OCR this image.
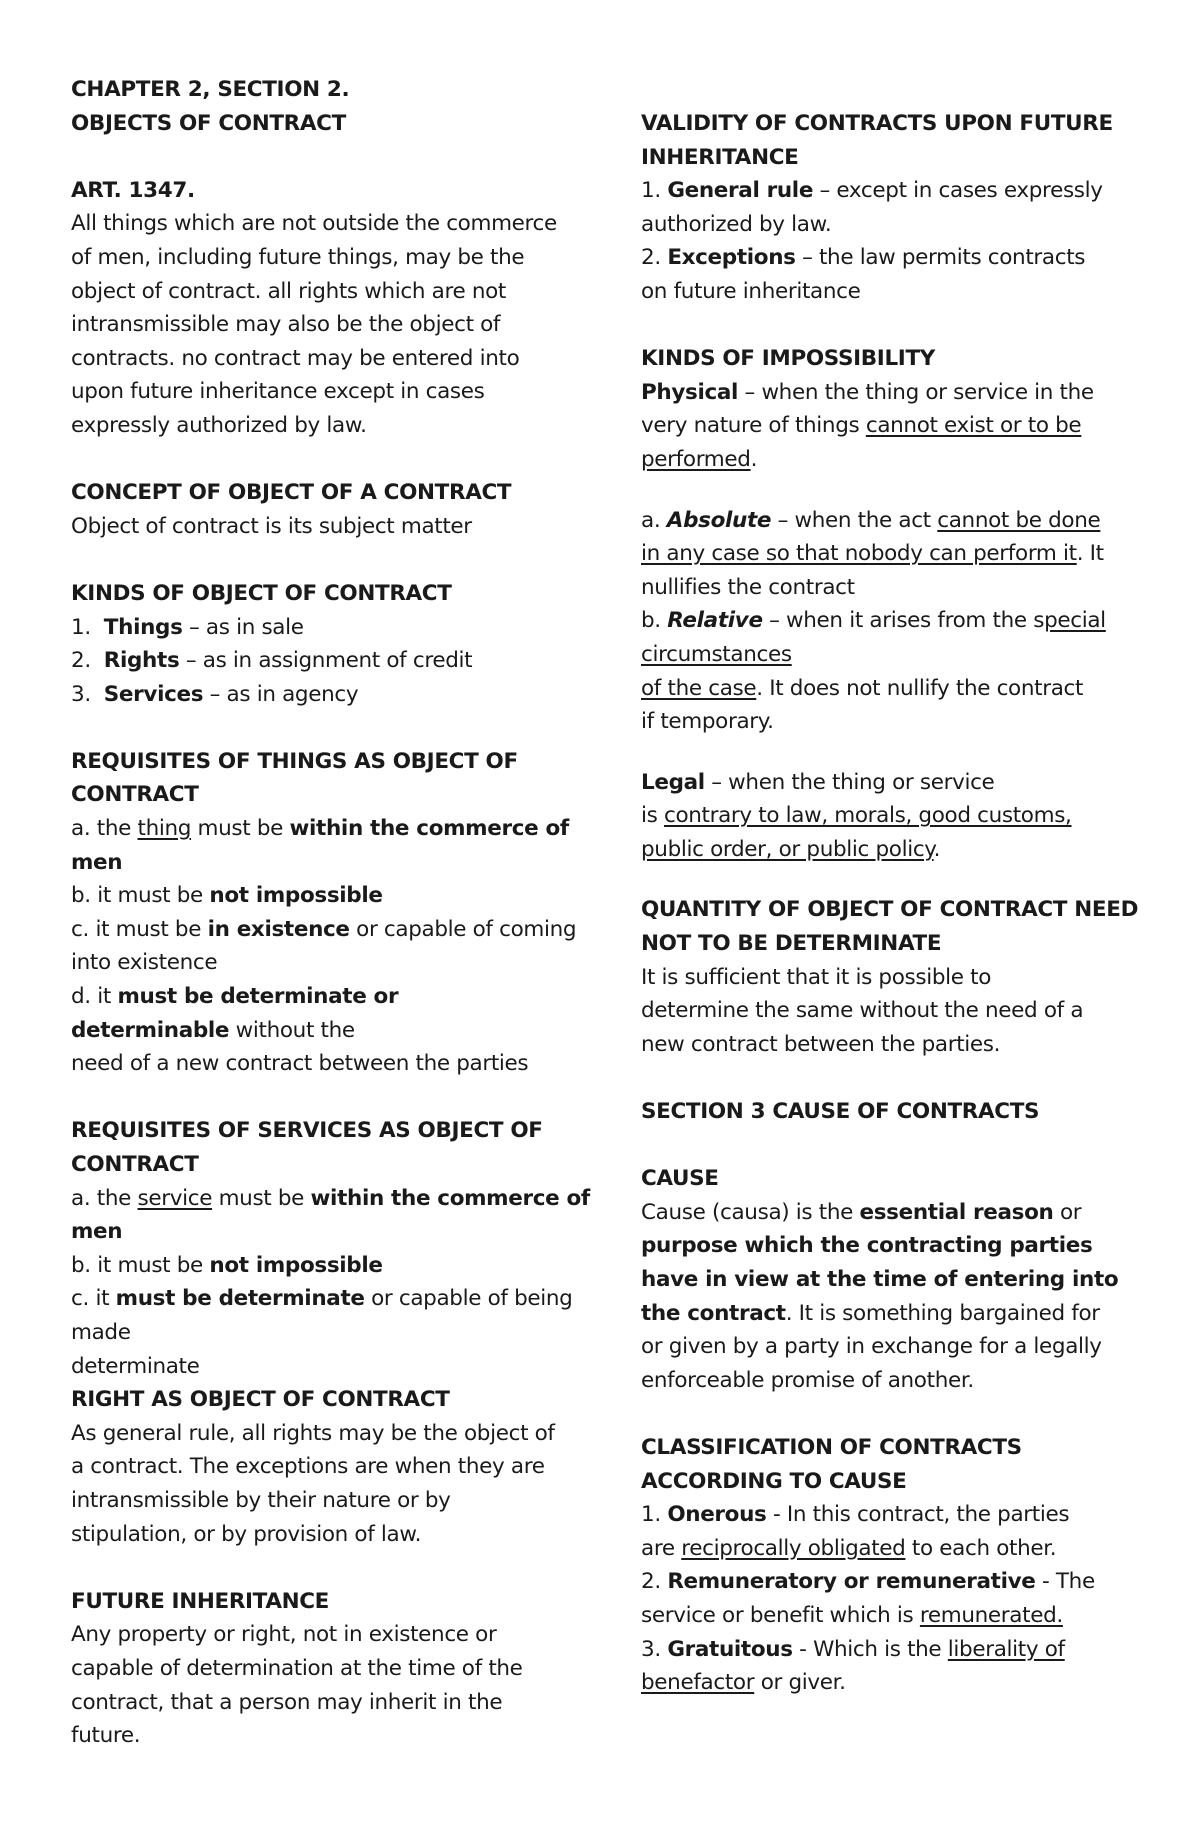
CHAPTER 2, SECTION 2.
OBJECTS OF CONTRACT
ART. 1347.
All things which are not outside the commerce
of men, including future things, may be the
object of contract. all rights which are not
intransmissible may also be the object of
contracts. no contract may be entered into
upon future inheritance except in cases
expressly authorized by law.
CONCEPT OF OBJECT OF A CONTRACT
Object of contract is its subject matter
KINDS OF OBJECT OF CONTRACT
1. Things – as in sale
2. Rights – as in assignment of credit
3. Services – as in agency
REQUISITES OF THINGS AS OBJECT OF
CONTRACT
a. the thing must be within the commerce of
men
b. it must be not impossible
c. it must be in existence or capable of coming
into existence
d. it must be determinate or
determinable without the
need of a new contract between the parties
REQUISITES OF SERVICES AS OBJECT OF
CONTRACT
a. the service must be within the commerce of
men
b. it must be not impossible
c. it must be determinate or capable of being
made
determinate
RIGHT AS OBJECT OF CONTRACT
As general rule, all rights may be the object of
a contract. The exceptions are when they are
intransmissible by their nature or by
stipulation, or by provision of law.
FUTURE INHERITANCE
Any property or right, not in existence or
capable of determination at the time of the
contract, that a person may inherit in the
future.
VALIDITY OF CONTRACTS UPON FUTURE
INHERITANCE
1. General rule – except in cases expressly
authorized by law.
2. Exceptions – the law permits contracts
on future inheritance
KINDS OF IMPOSSIBILITY
Physical – when the thing or service in the
very nature of things cannot exist or to be
performed.
a. Absolute – when the act cannot be done
in any case so that nobody can perform it. It
nullifies the contract
b. Relative – when it arises from the special
circumstances
of the case. It does not nullify the contract
if temporary.
Legal – when the thing or service
is contrary to law, morals, good customs,
public order, or public policy.
QUANTITY OF OBJECT OF CONTRACT NEED
NOT TO BE DETERMINATE
It is sufficient that it is possible to
determine the same without the need of a
new contract between the parties.
SECTION 3 CAUSE OF CONTRACTS
CAUSE
Cause (causa) is the essential reason or
purpose which the contracting parties
have in view at the time of entering into
the contract. It is something bargained for
or given by a party in exchange for a legally
enforceable promise of another.
CLASSIFICATION OF CONTRACTS
ACCORDING TO CAUSE
1. Onerous - In this contract, the parties
are reciprocally obligated to each other.
2. Remuneratory or remunerative - The
service or benefit which is remunerated.
3. Gratuitous - Which is the liberality of
benefactor or giver.
